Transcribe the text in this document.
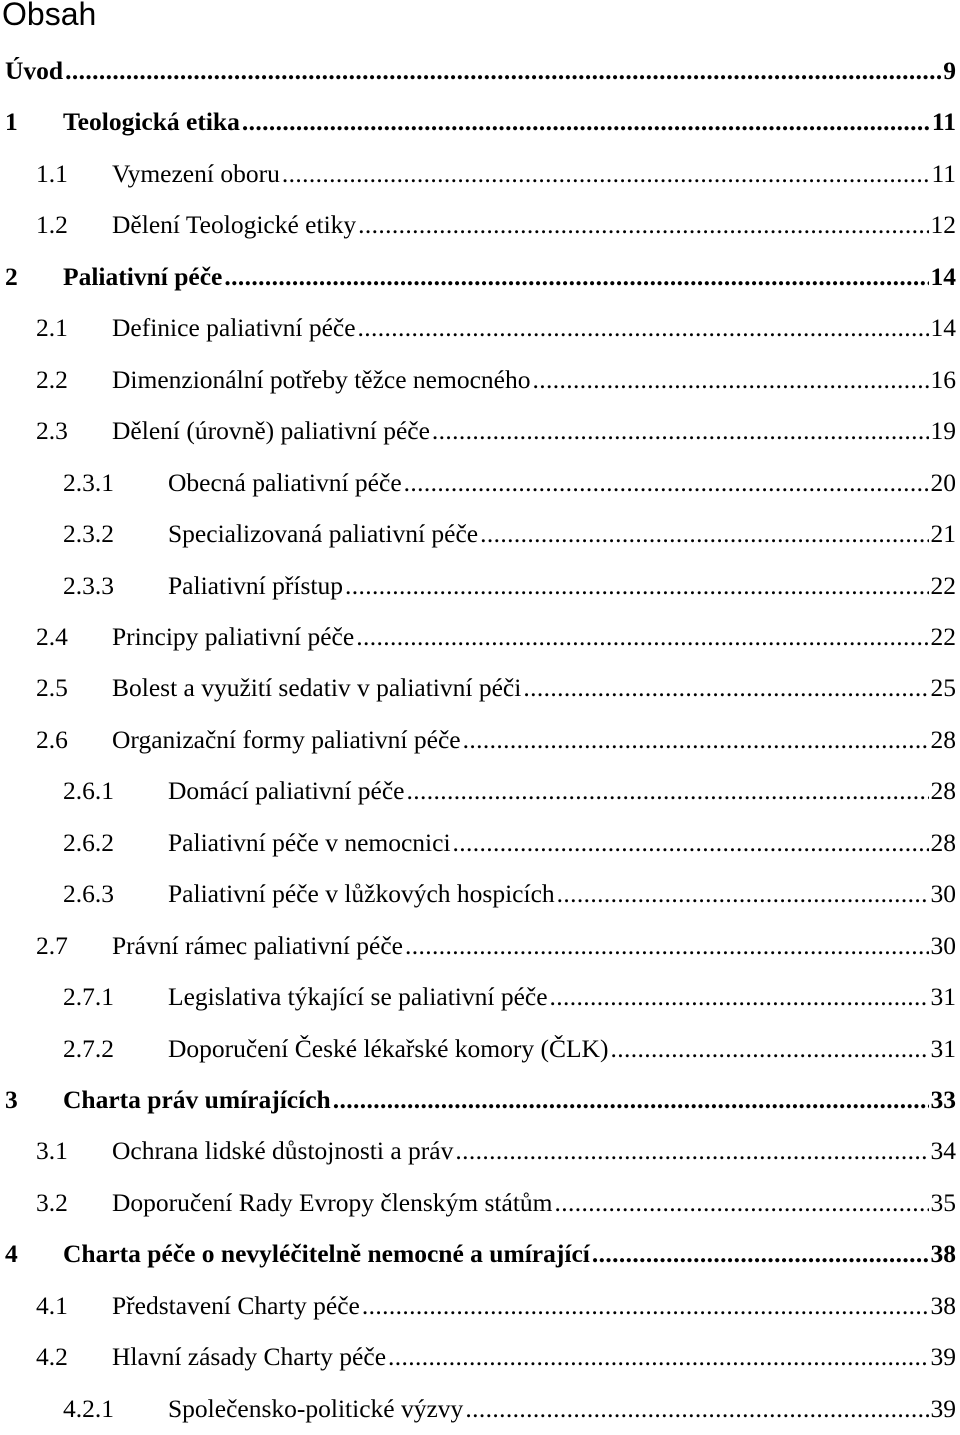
Obsah
Úvod . . .	9
1	Teologická etika . . .	11
1.1	Vymezení oboru . . .	11
1.2	Dělení Teologické etiky . . .	12
2	Paliativní péče . . .	14
2.1	Definice paliativní péče . . .	14
2.2	Dimenzionální potřeby těžce nemocného . . .	16
2.3	Dělení (úrovně) paliativní péče . . .	19
2.3.1	Obecná paliativní péče . . .	20
2.3.2	Specializovaná paliativní péče . . .	21
2.3.3	Paliativní přístup . . .	22
2.4	Principy paliativní péče . . .	22
2.5	Bolest a využití sedativ v paliativní péči . . .	25
2.6	Organizační formy paliativní péče . . .	28
2.6.1	Domácí paliativní péče . . .	28
2.6.2	Paliativní péče v nemocnici . . .	28
2.6.3	Paliativní péče v lůžkových hospicích . . .	30
2.7	Právní rámec paliativní péče . . .	30
2.7.1	Legislativa týkající se paliativní péče . . .	31
2.7.2	Doporučení České lékařské komory (ČLK) . . .	31
3	Charta práv umírajících . . .	33
3.1	Ochrana lidské důstojnosti a práv . . .	34
3.2	Doporučení Rady Evropy členským státům . . .	35
4	Charta péče o nevyléčitelně nemocné a umírající . . .	38
4.1	Představení Charty péče . . .	38
4.2	Hlavní zásady Charty péče . . .	39
4.2.1	Společensko-politické výzvy . . .	39
